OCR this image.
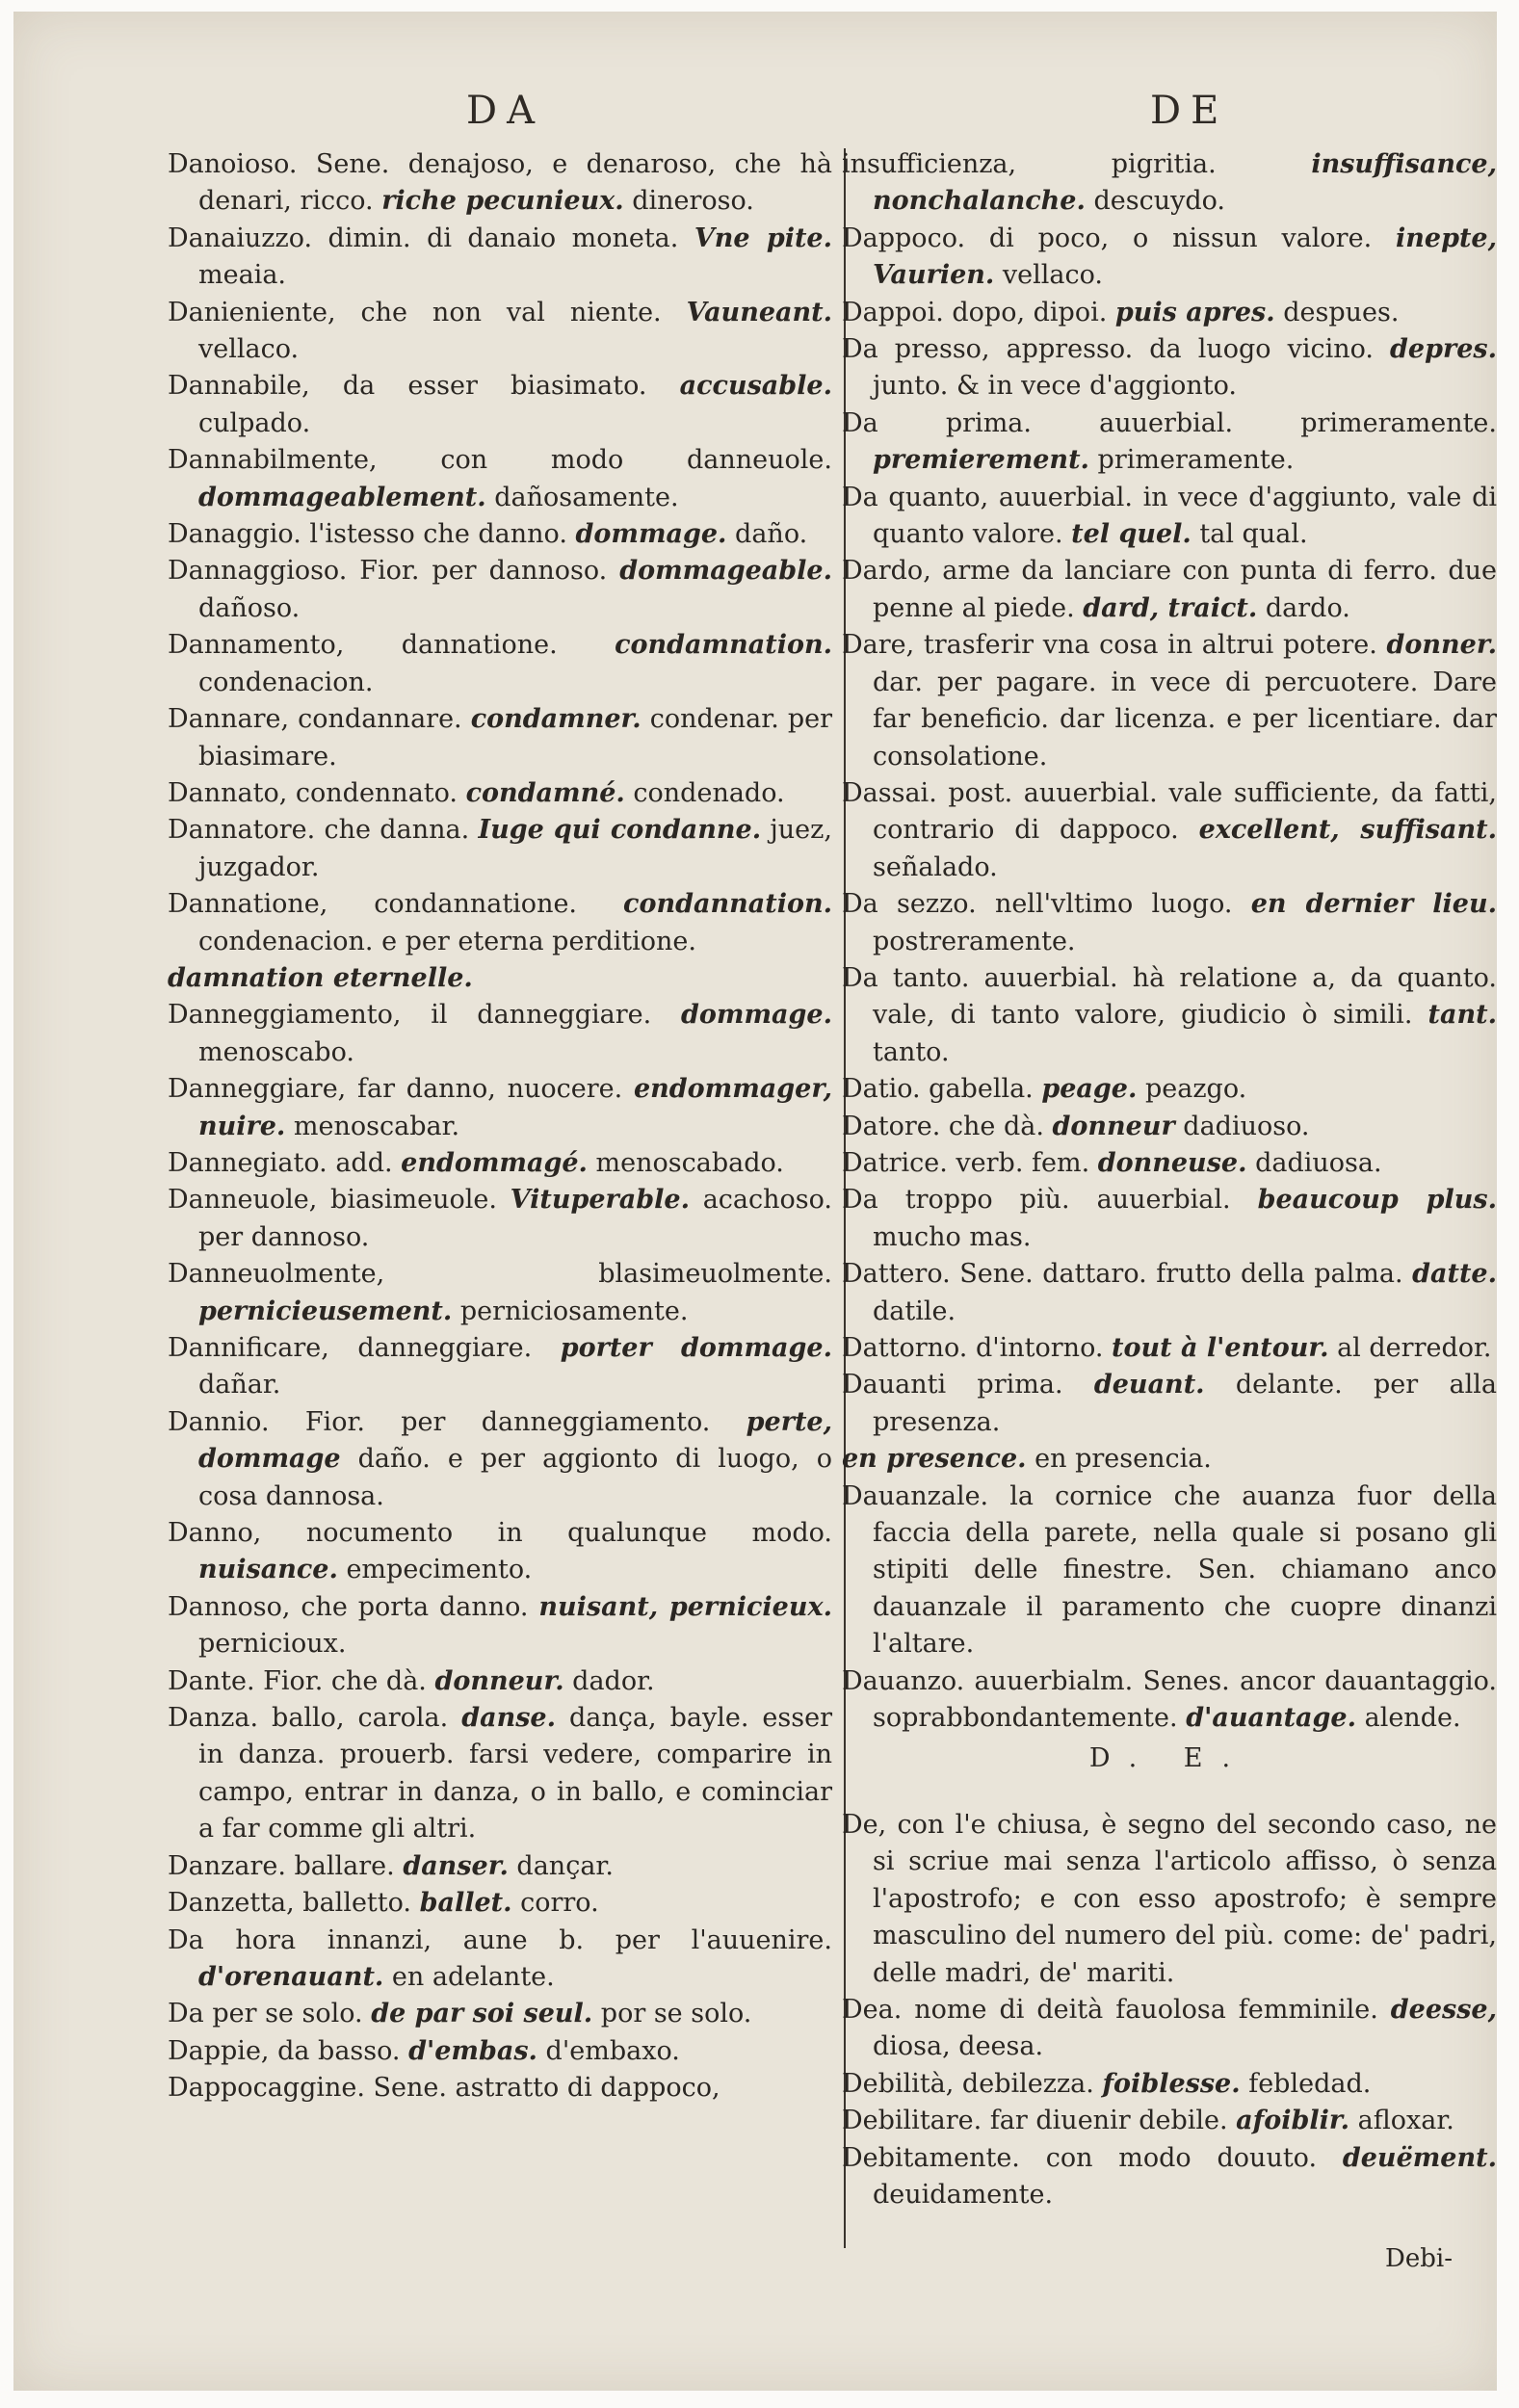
DA	DE

Danoioso. Sene. denajoso, e denaroso, che hà denari, ricco. riche pecunieux. dineroso.

Danaiuzzo. dimin. di danaio moneta. Vne pite. meaia.

Danieniente, che non val niente. Vauneant. vellaco.

Dannabile, da esser biasimato. accusable. culpado.

Dannabilmente, con modo danneuole. dommageablement. dañosamente.

Danaggio. l'istesso che danno. dommage. daño.

Dannaggioso. Fior. per dannoso. dommageable. dañoso.

Dannamento, dannatione. condamnation. condenacion.

Dannare, condannare. condamner. condenar. per biasimare.

Dannato, condennato. condamné. condenado.

Dannatore. che danna. Iuge qui condanne. juez, juzgador.

Dannatione, condannatione. condannation. condenacion. e per eterna perditione.

damnation eternelle.

Danneggiamento, il danneggiare. dommage. menoscabo.

Danneggiare, far danno, nuocere. endommager, nuire. menoscabar.

Dannegiato. add. endommagé. menoscabado.

Danneuole, biasimeuole. Vituperable. acachoso. per dannoso.

Danneuolmente, blasimeuolmente. pernicieusement. perniciosamente.

Dannificare, danneggiare. porter dommage. dañar.

Dannio. Fior. per danneggiamento. perte, dommage daño. e per aggionto di luogo, o cosa dannosa.

Danno, nocumento in qualunque modo. nuisance. empecimento.

Dannoso, che porta danno. nuisant, pernicieux. pernicioux.

Dante. Fior. che dà. donneur. dador.

Danza. ballo, carola. danse. dança, bayle. esser in danza. prouerb. farsi vedere, comparire in campo, entrar in danza, o in ballo, e cominciar a far comme gli altri.

Danzare. ballare. danser. dançar.

Danzetta, balletto. ballet. corro.

Da hora innanzi, aune b. per l'auuenire. d'orenauant. en adelante.

Da per se solo. de par soi seul. por se solo.

Dappie, da basso. d'embas. d'embaxo.

Dappocaggine. Sene. astratto di dappoco,

insufficienza, pigritia. insuffisance, nonchalanche. descuydo.

Dappoco. di poco, o nissun valore. inepte, Vaurien. vellaco.

Dappoi. dopo, dipoi. puis apres. despues.

Da presso, appresso. da luogo vicino. depres. junto. & in vece d'aggionto.

Da prima. auuerbial. primeramente. premierement. primeramente.

Da quanto, auuerbial. in vece d'aggiunto, vale di quanto valore. tel quel. tal qual.

Dardo, arme da lanciare con punta di ferro. due penne al piede. dard, traict. dardo.

Dare, trasferir vna cosa in altrui potere. donner. dar. per pagare. in vece di percuotere. Dare far beneficio. dar licenza. e per licentiare. dar consolatione.

Dassai. post. auuerbial. vale sufficiente, da fatti, contrario di dappoco. excellent, suffisant. señalado.

Da sezzo. nell'vltimo luogo. en dernier lieu. postreramente.

Da tanto. auuerbial. hà relatione a, da quanto. vale, di tanto valore, giudicio ò simili. tant. tanto.

Datio. gabella. peage. peazgo.

Datore. che dà. donneur dadiuoso.

Datrice. verb. fem. donneuse. dadiuosa.

Da troppo più. auuerbial. beaucoup plus. mucho mas.

Dattero. Sene. dattaro. frutto della palma. datte. datile.

Dattorno. d'intorno. tout à l'entour. al derredor.

Dauanti prima. deuant. delante. per alla presenza.

en presence. en presencia.

Dauanzale. la cornice che auanza fuor della faccia della parete, nella quale si posano gli stipiti delle finestre. Sen. chiamano anco dauanzale il paramento che cuopre dinanzi l'altare.

Dauanzo. auuerbialm. Senes. ancor dauantaggio. soprabbondantemente. d'auantage. alende.

D. E.

De, con l'e chiusa, è segno del secondo caso, ne si scriue mai senza l'articolo affisso, ò senza l'apostrofo; e con esso apostrofo; è sempre masculino del numero del più. come: de' padri, delle madri, de' mariti.

Dea. nome di deità fauolosa femminile. deesse, diosa, deesa.

Debilità, debilezza. foiblesse. febledad.

Debilitare. far diuenir debile. afoiblir. afloxar.

Debitamente. con modo douuto. deuëment. deuidamente.

Debi-
